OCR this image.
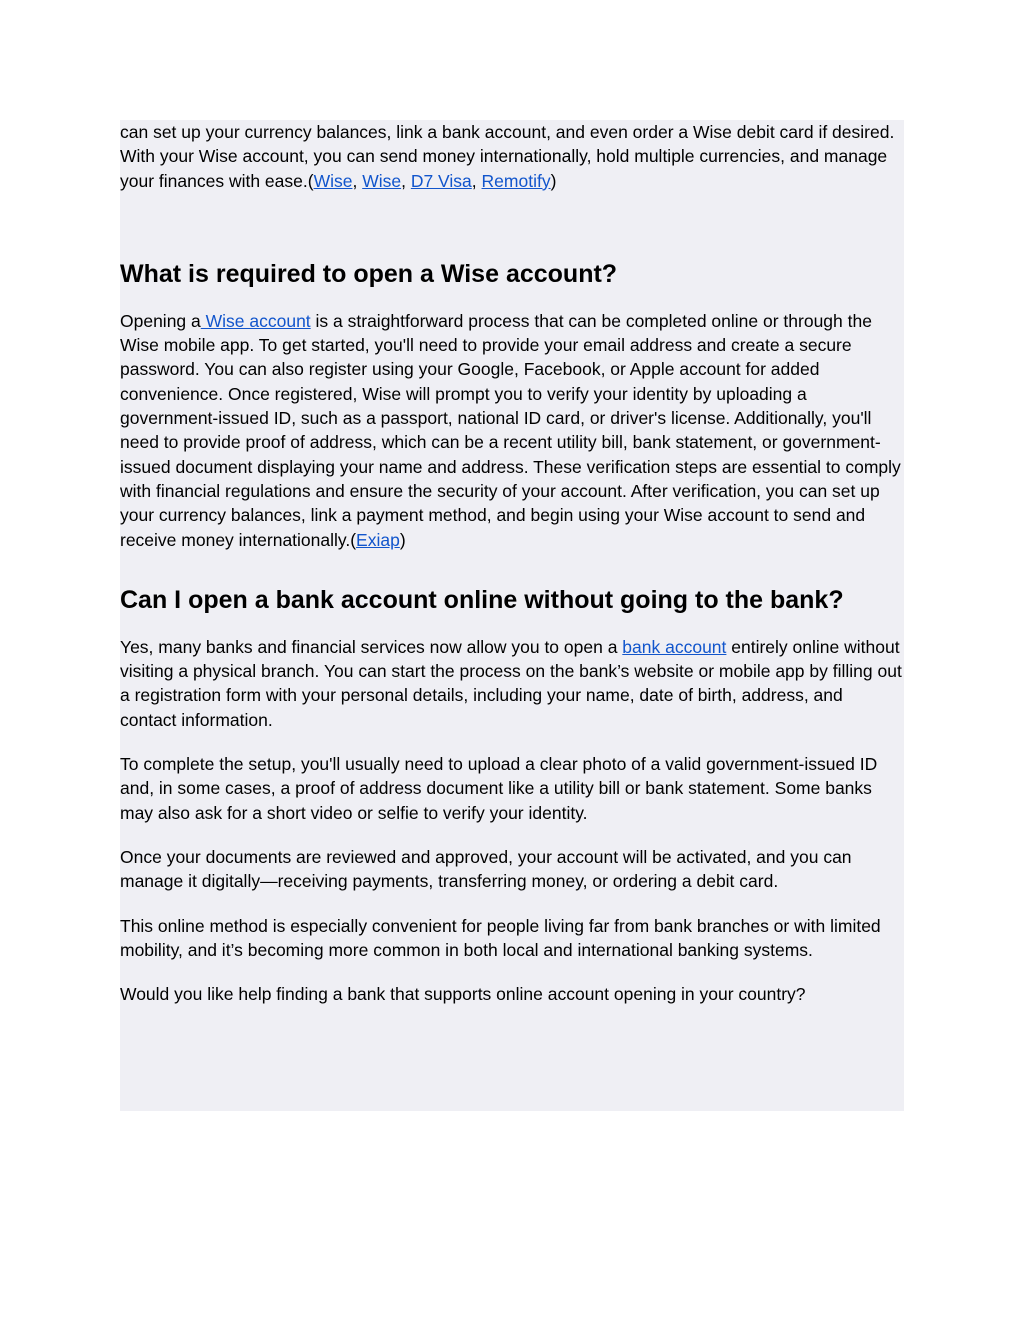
can set up your currency balances, link a bank account, and even order a Wise debit card if desired. With your Wise account, you can send money internationally, hold multiple currencies, and manage your finances with ease.(Wise, Wise, D7 Visa, Remotify)

What is required to open a Wise account?

Opening a Wise account is a straightforward process that can be completed online or through the Wise mobile app. To get started, you'll need to provide your email address and create a secure password. You can also register using your Google, Facebook, or Apple account for added convenience. Once registered, Wise will prompt you to verify your identity by uploading a government-issued ID, such as a passport, national ID card, or driver's license. Additionally, you'll need to provide proof of address, which can be a recent utility bill, bank statement, or government-issued document displaying your name and address. These verification steps are essential to comply with financial regulations and ensure the security of your account. After verification, you can set up your currency balances, link a payment method, and begin using your Wise account to send and receive money internationally.(Exiap)

Can I open a bank account online without going to the bank?

Yes, many banks and financial services now allow you to open a bank account entirely online without visiting a physical branch. You can start the process on the bank’s website or mobile app by filling out a registration form with your personal details, including your name, date of birth, address, and contact information.

To complete the setup, you'll usually need to upload a clear photo of a valid government-issued ID and, in some cases, a proof of address document like a utility bill or bank statement. Some banks may also ask for a short video or selfie to verify your identity.

Once your documents are reviewed and approved, your account will be activated, and you can manage it digitally—receiving payments, transferring money, or ordering a debit card.

This online method is especially convenient for people living far from bank branches or with limited mobility, and it’s becoming more common in both local and international banking systems.

Would you like help finding a bank that supports online account opening in your country?
